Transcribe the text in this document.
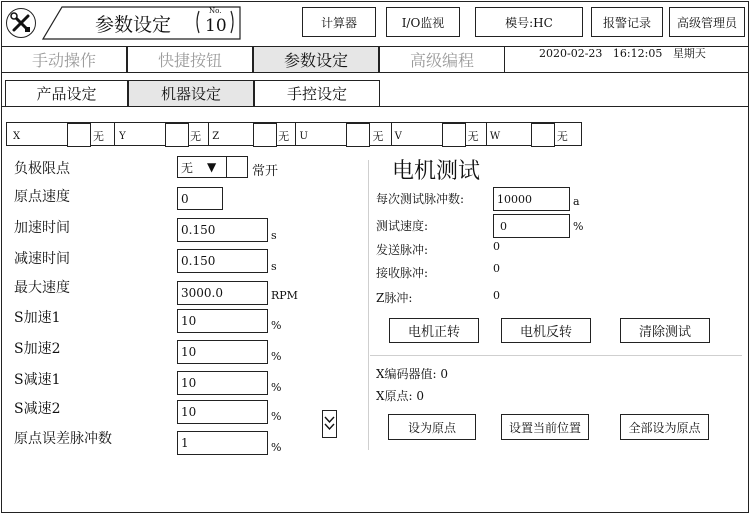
参数设定
No.
10	计算器	I/O监视	模号:HC	报警记录	高级管理员
手动操作	快捷按钮	参数设定	高级编程	2020-02-23 16:12:05 星期天
产品设定	机器设定	手控设定
X	无 Y	无 Z	无 U	无 V	无 W	无
负极限点	无 ▼	常开
原点速度	0
加速时间	0.150	s
减速时间	0.150	s
最大速度	3000.0	RPM
S加速1	10	%
S加速2	10	%
S减速1	10	%
S减速2	10	%
原点误差脉冲数	1	%
电机测试
每次测试脉冲数:	10000	a
测试速度:	0	%
发送脉冲:	0
接收脉冲:	0
Z脉冲:	0
电机正转	电机反转	清除测试
X编码器值: 0
X原点: 0
设为原点	设置当前位置	全部设为原点
